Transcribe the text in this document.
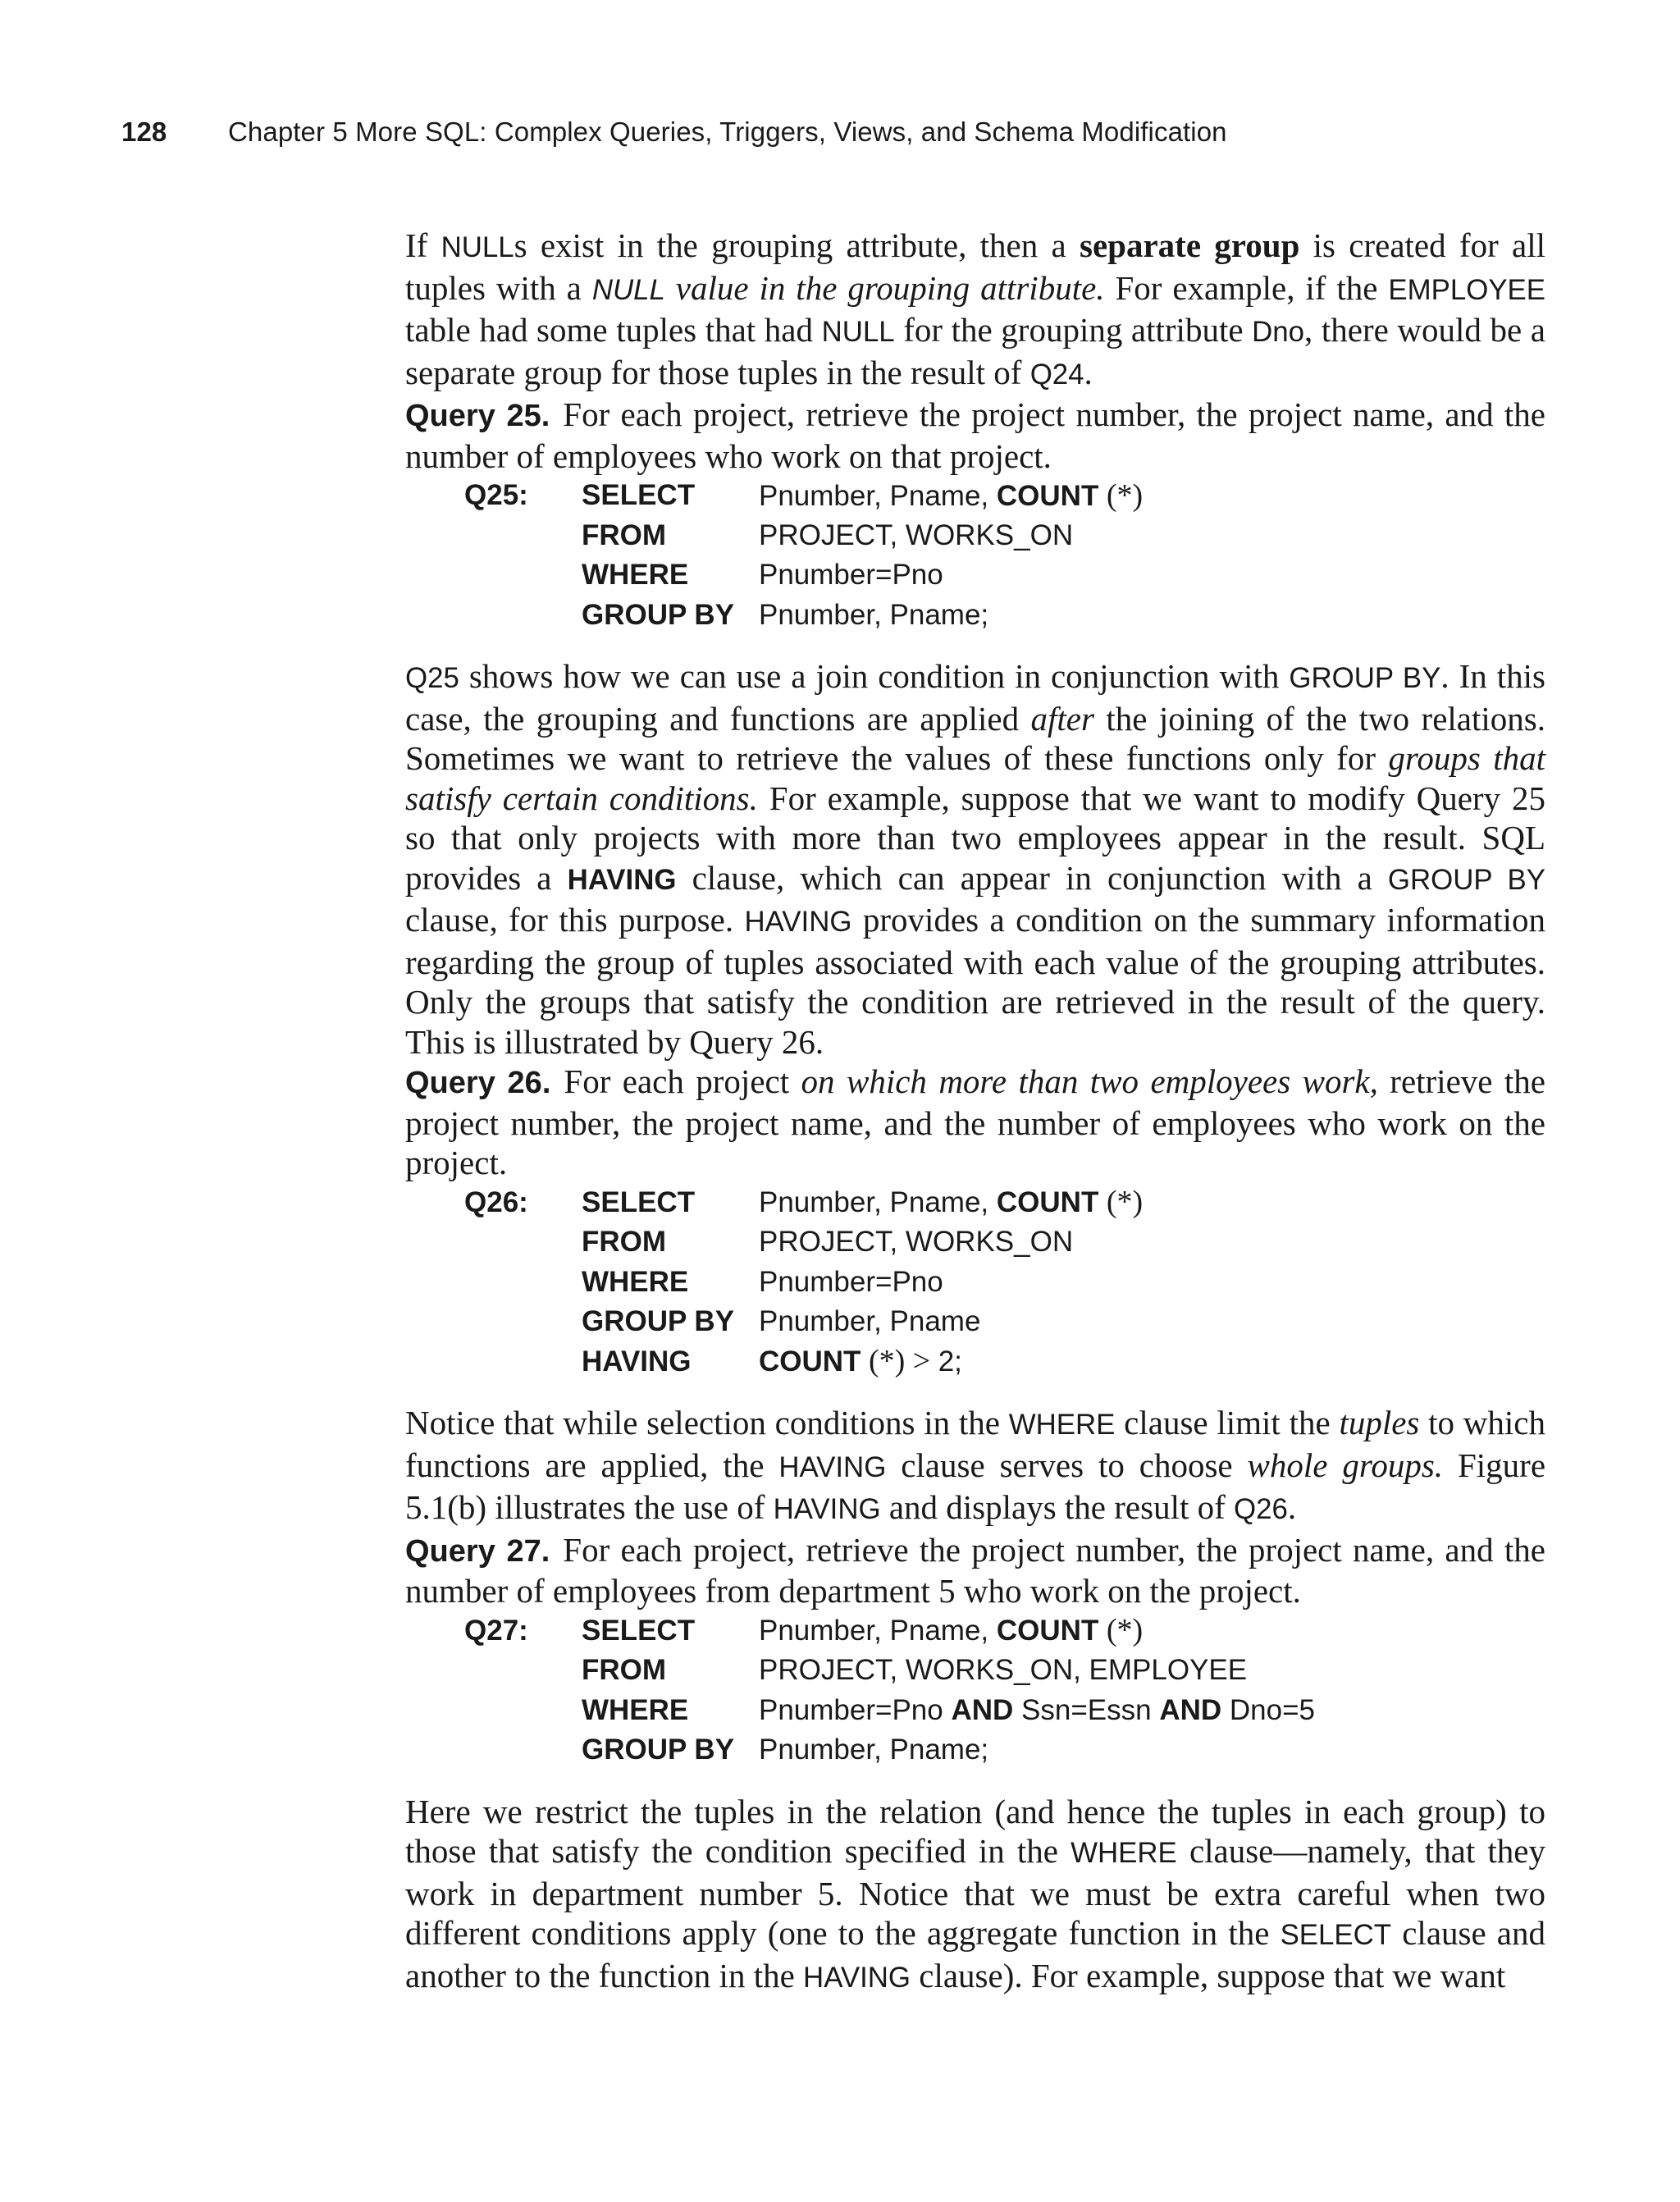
128 Chapter 5 More SQL: Complex Queries, Triggers, Views, and Schema Modification

If NULLs exist in the grouping attribute, then a separate group is created for all tuples with a NULL value in the grouping attribute. For example, if the EMPLOYEE table had some tuples that had NULL for the grouping attribute Dno, there would be a separate group for those tuples in the result of Q24.

Query 25. For each project, retrieve the project number, the project name, and the number of employees who work on that project.

Q25:	SELECT	Pnumber, Pname, COUNT (*)
FROM	PROJECT, WORKS_ON
WHERE	Pnumber=Pno
GROUP BY Pnumber, Pname;

Q25 shows how we can use a join condition in conjunction with GROUP BY. In this case, the grouping and functions are applied after the joining of the two relations. Sometimes we want to retrieve the values of these functions only for groups that satisfy certain conditions. For example, suppose that we want to modify Query 25 so that only projects with more than two employees appear in the result. SQL provides a HAVING clause, which can appear in conjunction with a GROUP BY clause, for this purpose. HAVING provides a condition on the summary information regarding the group of tuples associated with each value of the grouping attributes. Only the groups that satisfy the condition are retrieved in the result of the query. This is illustrated by Query 26.

Query 26. For each project on which more than two employees work, retrieve the project number, the project name, and the number of employees who work on the project.

Q26:	SELECT	Pnumber, Pname, COUNT (*)
FROM	PROJECT, WORKS_ON
WHERE	Pnumber=Pno
GROUP BY Pnumber, Pname
HAVING	COUNT (*) > 2;

Notice that while selection conditions in the WHERE clause limit the tuples to which functions are applied, the HAVING clause serves to choose whole groups. Figure 5.1(b) illustrates the use of HAVING and displays the result of Q26.

Query 27. For each project, retrieve the project number, the project name, and the number of employees from department 5 who work on the project.

Q27:	SELECT	Pnumber, Pname, COUNT (*)
FROM	PROJECT, WORKS_ON, EMPLOYEE
WHERE	Pnumber=Pno AND Ssn=Essn AND Dno=5
GROUP BY Pnumber, Pname;

Here we restrict the tuples in the relation (and hence the tuples in each group) to those that satisfy the condition specified in the WHERE clause—namely, that they work in department number 5. Notice that we must be extra careful when two different conditions apply (one to the aggregate function in the SELECT clause and another to the function in the HAVING clause). For example, suppose that we want
